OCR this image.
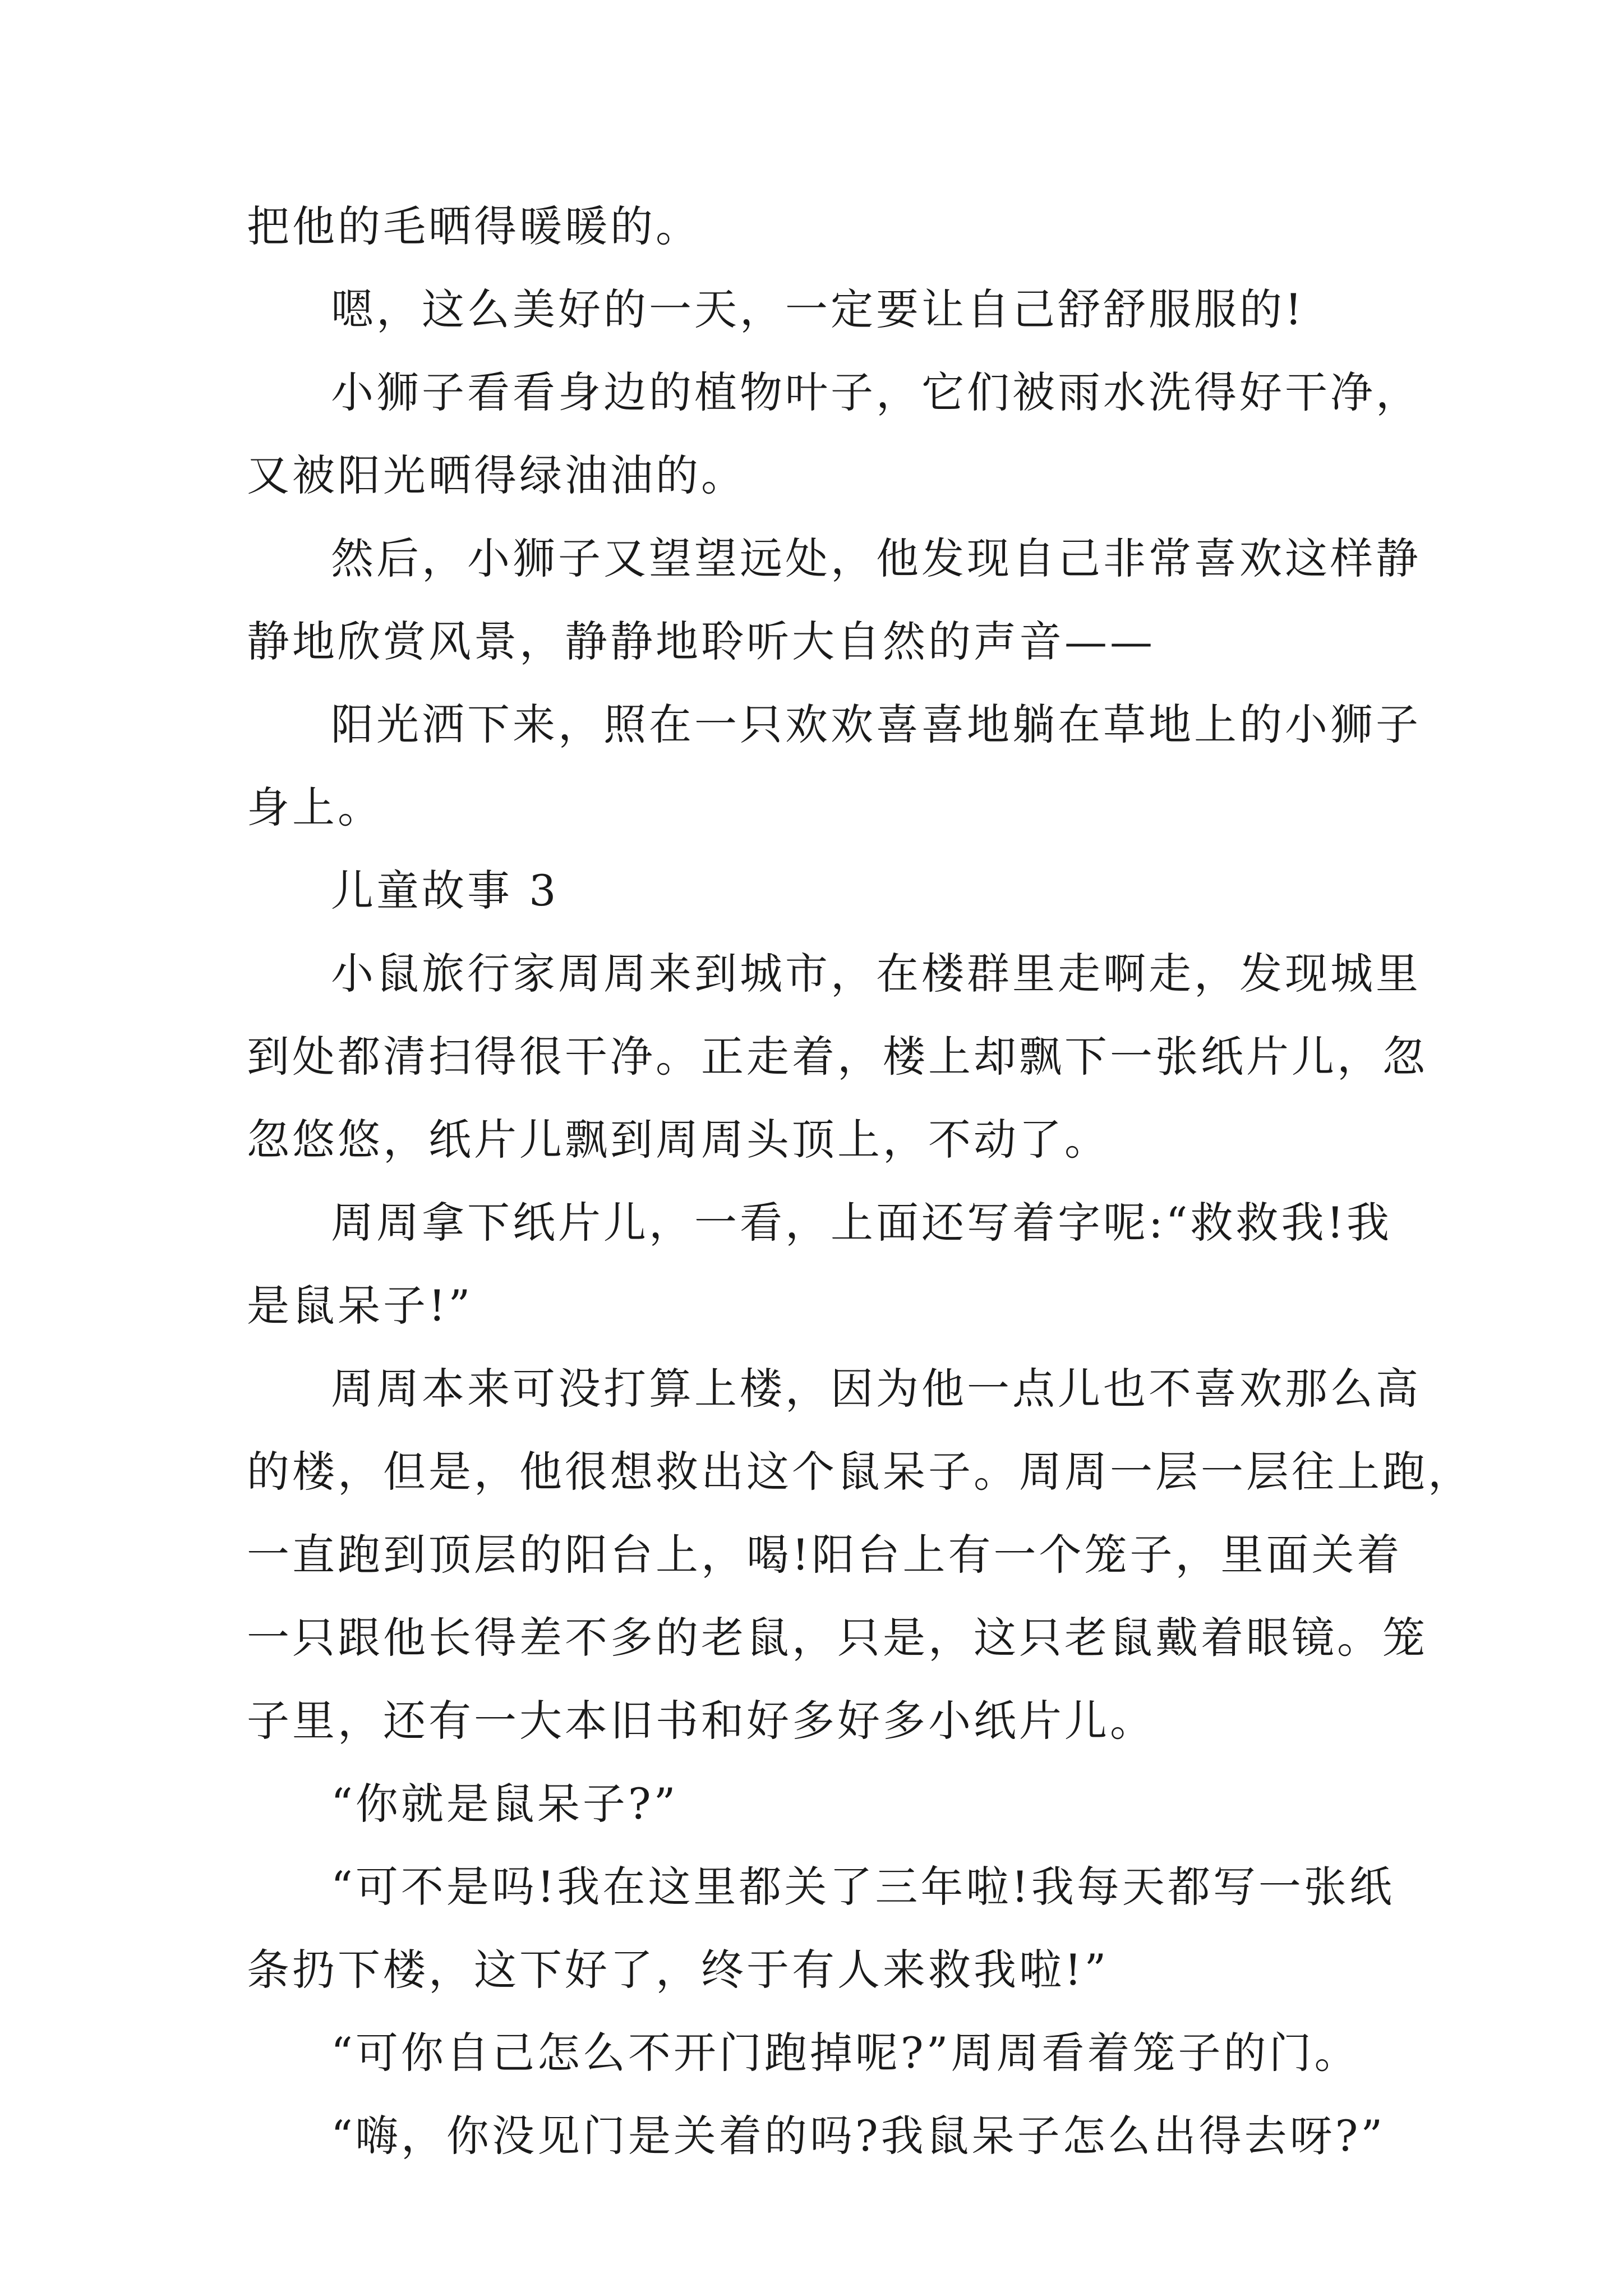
把他的毛晒得暖暖的。
嗯，这么美好的一天，一定要让自己舒舒服服的!
小狮子看看身边的植物叶子，它们被雨水洗得好干净，
又被阳光晒得绿油油的。
然后，小狮子又望望远处，他发现自己非常喜欢这样静
静地欣赏风景，静静地聆听大自然的声音——
阳光洒下来，照在一只欢欢喜喜地躺在草地上的小狮子
身上。
儿童故事 3
小鼠旅行家周周来到城市，在楼群里走啊走，发现城里
到处都清扫得很干净。正走着，楼上却飘下一张纸片儿，忽
忽悠悠，纸片儿飘到周周头顶上，不动了。
周周拿下纸片儿，一看，上面还写着字呢:“救救我!我
是鼠呆子!”
周周本来可没打算上楼，因为他一点儿也不喜欢那么高
的楼，但是，他很想救出这个鼠呆子。周周一层一层往上跑，
一直跑到顶层的阳台上，喝!阳台上有一个笼子，里面关着
一只跟他长得差不多的老鼠，只是，这只老鼠戴着眼镜。笼
子里，还有一大本旧书和好多好多小纸片儿。
“你就是鼠呆子?”
“可不是吗!我在这里都关了三年啦!我每天都写一张纸
条扔下楼，这下好了，终于有人来救我啦!”
“可你自己怎么不开门跑掉呢?”周周看着笼子的门。
“嗨，你没见门是关着的吗?我鼠呆子怎么出得去呀?”
